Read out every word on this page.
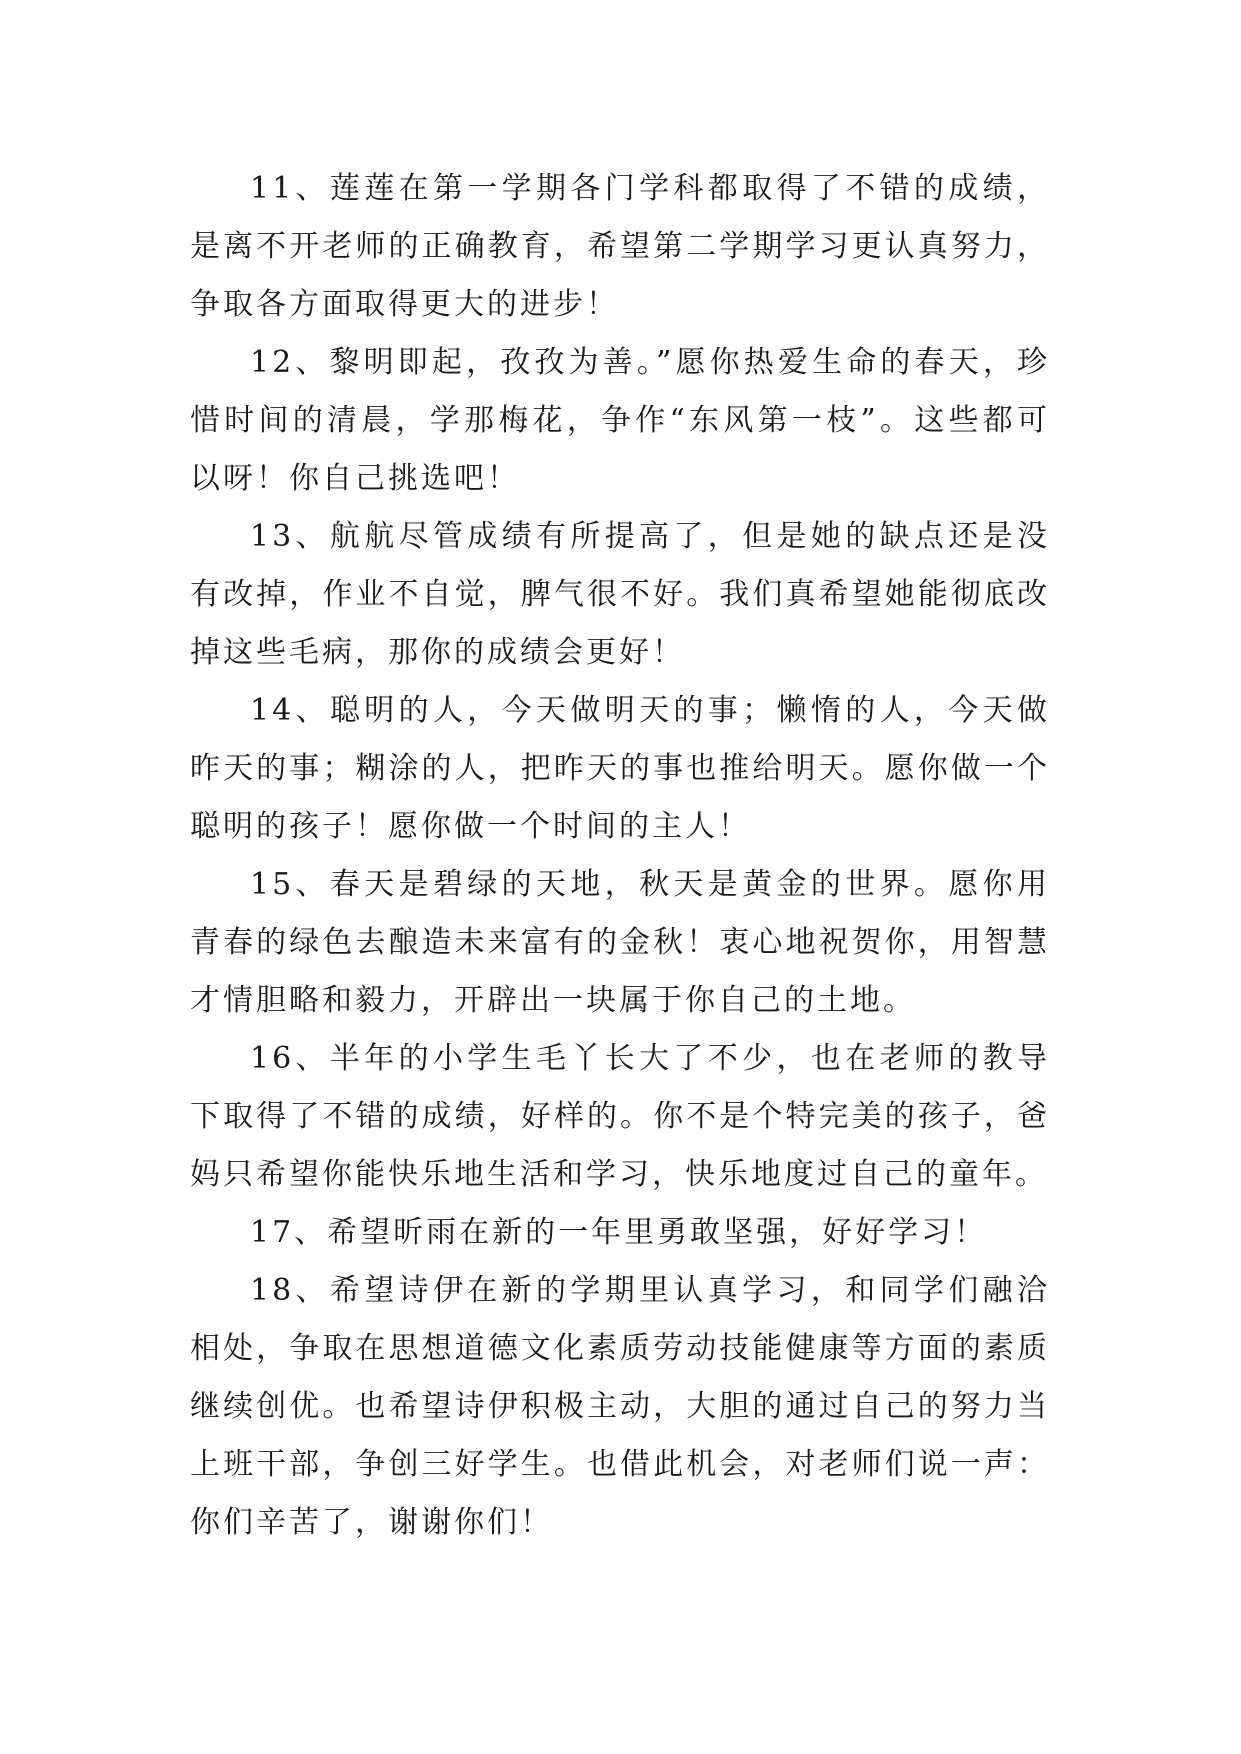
11、莲莲在第一学期各门学科都取得了不错的成绩，是离不开老师的正确教育，希望第二学期学习更认真努力，争取各方面取得更大的进步！

12、黎明即起，孜孜为善。”愿你热爱生命的春天，珍惜时间的清晨，学那梅花，争作“东风第一枝”。这些都可以呀！你自己挑选吧！

13、航航尽管成绩有所提高了，但是她的缺点还是没有改掉，作业不自觉，脾气很不好。我们真希望她能彻底改掉这些毛病，那你的成绩会更好！

14、聪明的人，今天做明天的事；懒惰的人，今天做昨天的事；糊涂的人，把昨天的事也推给明天。愿你做一个聪明的孩子！愿你做一个时间的主人！

15、春天是碧绿的天地，秋天是黄金的世界。愿你用青春的绿色去酿造未来富有的金秋！衷心地祝贺你，用智慧才情胆略和毅力，开辟出一块属于你自己的土地。

16、半年的小学生毛丫长大了不少，也在老师的教导下取得了不错的成绩，好样的。你不是个特完美的孩子，爸妈只希望你能快乐地生活和学习，快乐地度过自己的童年。

17、希望昕雨在新的一年里勇敢坚强，好好学习！

18、希望诗伊在新的学期里认真学习，和同学们融洽相处，争取在思想道德文化素质劳动技能健康等方面的素质继续创优。也希望诗伊积极主动，大胆的通过自己的努力当上班干部，争创三好学生。也借此机会，对老师们说一声：你们辛苦了，谢谢你们！
